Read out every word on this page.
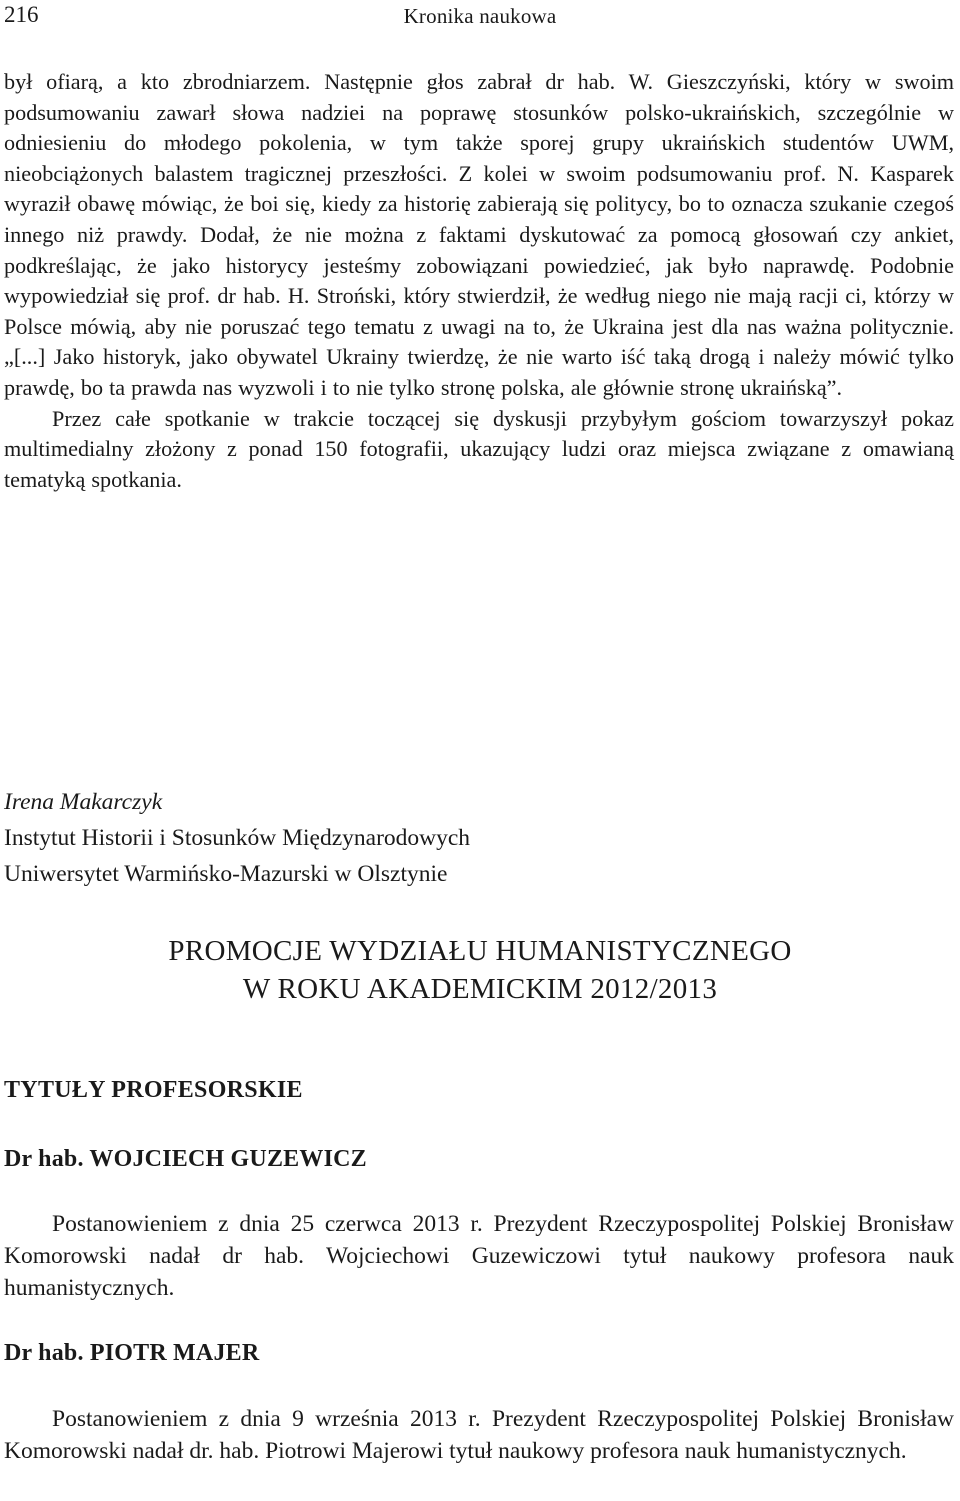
216	Kronika naukowa

był ofiarą, a kto zbrodniarzem. Następnie głos zabrał dr hab. W. Gieszczyński, który w swoim podsumowaniu zawarł słowa nadziei na poprawę stosunków polsko-ukraińskich, szczególnie w odniesieniu do młodego pokolenia, w tym także sporej grupy ukraińskich studentów UWM, nieobciążonych balastem tragicznej przeszłości. Z kolei w swoim podsumowaniu prof. N. Kasparek wyraził obawę mówiąc, że boi się, kiedy za historię zabierają się politycy, bo to oznacza szukanie czegoś innego niż prawdy. Dodał, że nie można z faktami dyskutować za pomocą głosowań czy ankiet, podkreślając, że jako historycy jesteśmy zobowiązani powiedzieć, jak było naprawdę. Podobnie wypowiedział się prof. dr hab. H. Stroński, który stwierdził, że według niego nie mają racji ci, którzy w Polsce mówią, aby nie poruszać tego tematu z uwagi na to, że Ukraina jest dla nas ważna politycznie. „[...] Jako historyk, jako obywatel Ukrainy twierdzę, że nie warto iść taką drogą i należy mówić tylko prawdę, bo ta prawda nas wyzwoli i to nie tylko stronę polska, ale głównie stronę ukraińską”.

Przez całe spotkanie w trakcie toczącej się dyskusji przybyłym gościom towarzyszył pokaz multimedialny złożony z ponad 150 fotografii, ukazujący ludzi oraz miejsca związane z omawianą tematyką spotkania.

Irena Makarczyk
Instytut Historii i Stosunków Międzynarodowych
Uniwersytet Warmińsko-Mazurski w Olsztynie
PROMOCJE WYDZIAŁU HUMANISTYCZNEGO
W ROKU AKADEMICKIM 2012/2013
TYTUŁY PROFESORSKIE
Dr hab. WOJCIECH GUZEWICZ

Postanowieniem z dnia 25 czerwca 2013 r. Prezydent Rzeczypospolitej Polskiej Bronisław Komorowski nadał dr hab. Wojciechowi Guzewiczowi tytuł naukowy profesora nauk humanistycznych.

Dr hab. PIOTR MAJER

Postanowieniem z dnia 9 września 2013 r. Prezydent Rzeczypospolitej Polskiej Bronisław Komorowski nadał dr. hab. Piotrowi Majerowi tytuł naukowy profesora nauk humanistycznych.
